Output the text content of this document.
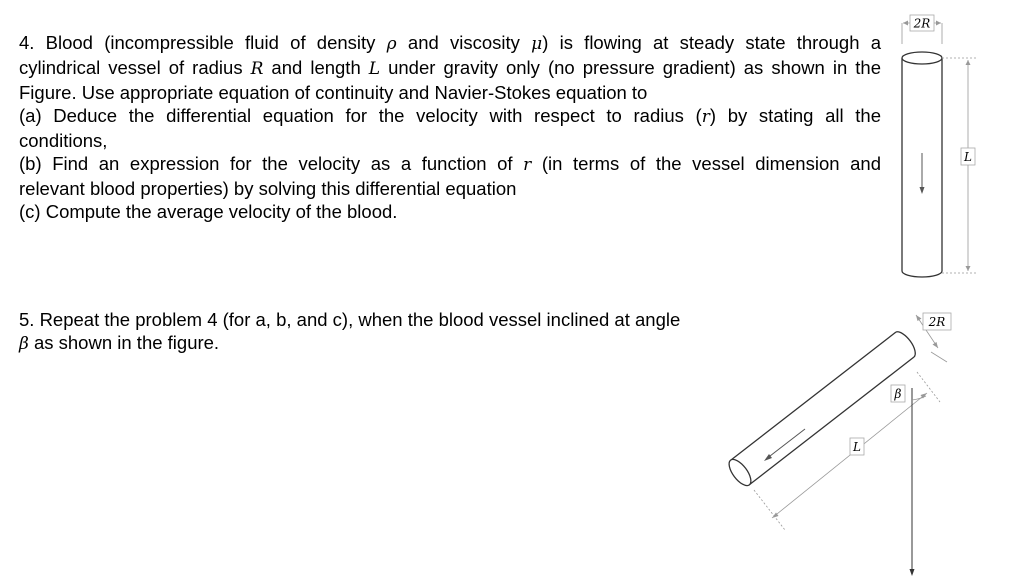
4. Blood (incompressible fluid of density ρ and viscosity μ) is flowing at steady state through a
cylindrical vessel of radius R and length L under gravity only (no pressure gradient) as shown in the
Figure. Use appropriate equation of continuity and Navier-Stokes equation to
(a) Deduce the differential equation for the velocity with respect to radius (r) by stating all the
conditions,
(b) Find an expression for the velocity as a function of r (in terms of the vessel dimension and
relevant blood properties) by solving this differential equation
(c) Compute the average velocity of the blood.
5. Repeat the problem 4 (for a, b, and c), when the blood vessel inclined at angle
β as shown in the figure.
2R
L
2R
β
L
